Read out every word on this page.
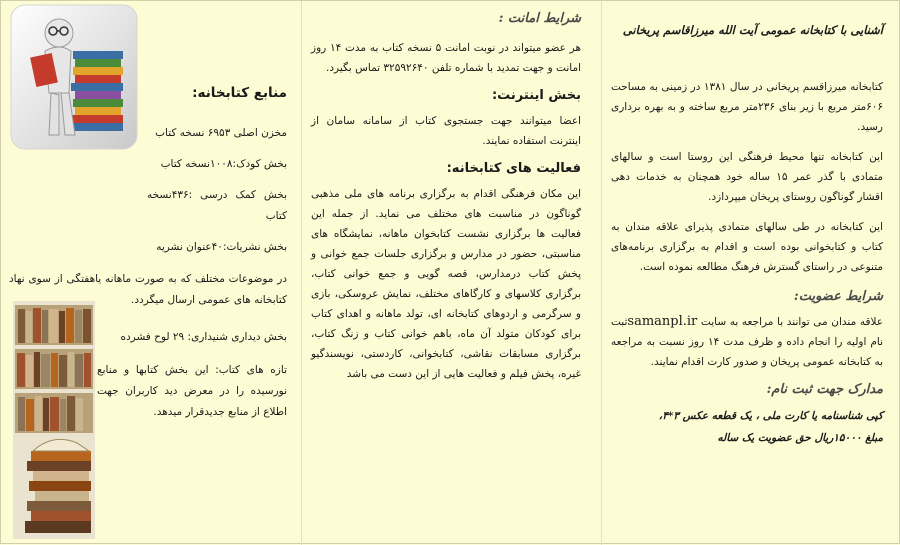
آشنایی با کتابخانه عمومی آیت الله میرزاقاسم پریخانی

کتابخانه میرزاقسم پریخانی در سال ۱۳۸۱ در زمینی به مساحت ۶۰۶متر مربع با زیر بنای ۲۳۶متر مربع ساخته و به بهره برداری رسید.

این کتابخانه تنها محیط فرهنگی این روستا است و سالهای متمادی با گذر عمر ۱۵ ساله خود همچنان به خدمات دهی اقشار گوناگون روستای پریخان میپردازد.

این کتابخانه در طی سالهای متمادی پذیرای علاقه مندان به کتاب و کتابخوانی بوده است و اقدام به برگزاری برنامه‌های متنوعی در راستای گسترش فرهنگ مطالعه نموده است.

شرایط عضویت:

علاقه مندان می توانند با مراجعه به سایت samanpl.irثبت نام اولیه را انجام داده و ظرف مدت ۱۴ روز نسبت به مراجعه به کتابخانه عمومی پریخان و صدور کارت اقدام نمایند.

مدارک جهت ثبت نام:
کپی شناسنامه یا کارت ملی ، یک قطعه عکس ۳*۴،
مبلغ ۱۵۰۰۰ریال حق عضویت یک ساله
شرایط امانت :

هر عضو میتواند در نوبت امانت ۵ نسخه کتاب به مدت ۱۴ روز امانت و جهت تمدید با شماره تلفن ۳۲۵۹۲۶۴۰ تماس بگیرد.

بخش اینترنت:

اعضا میتوانند جهت جستجوی کتاب از سامانه سامان از اینترنت استفاده نمایند.

فعالیت های کتابخانه:

این مکان فرهنگی اقدام به برگزاری برنامه های ملی مذهبی گوناگون در مناسبت های مختلف می نماید. از جمله این فعالیت ها برگزاری نشست کتابخوان ماهانه، نمایشگاه های مناسبتی، حضور در مدارس و برگزاری جلسات جمع خوانی و پخش کتاب درمدارس، قصه گویی و جمع خوانی کتاب، برگزاری کلاسهای و کارگاهای مختلف، نمایش عروسکی، بازی و سرگرمی و اردوهای کتابخانه ای، تولد ماهانه و اهدای کتاب برای کودکان متولد آن ماه، باهم خوانی کتاب و زنگ کتاب، برگزاری مسابقات نقاشی، کتابخوانی، کاردستی، نویسندگیو غیره، پخش فیلم و فعالیت هایی از این دست می باشد

منابع کتابخانه:

مخزن اصلی ۶۹۵۳ نسخه کتاب

بخش کودک:۱۰۰۸نسخه کتاب

بخش کمک درسی :۴۳۶نسخه کتاب

بخش نشریات:۴۰عنوان نشریه

در موضوعات مختلف که به صورت ماهانه یاهفتگی از سوی نهاد کتابخانه های عمومی ارسال میگردد.

بخش دیداری شنیداری: ۲۹ لوح فشرده

تازه های کتاب: این بخش کتابها و منابع نورسیده را در معرض دید کاربران جهت اطلاع از منابع جدیدقرار میدهد.
